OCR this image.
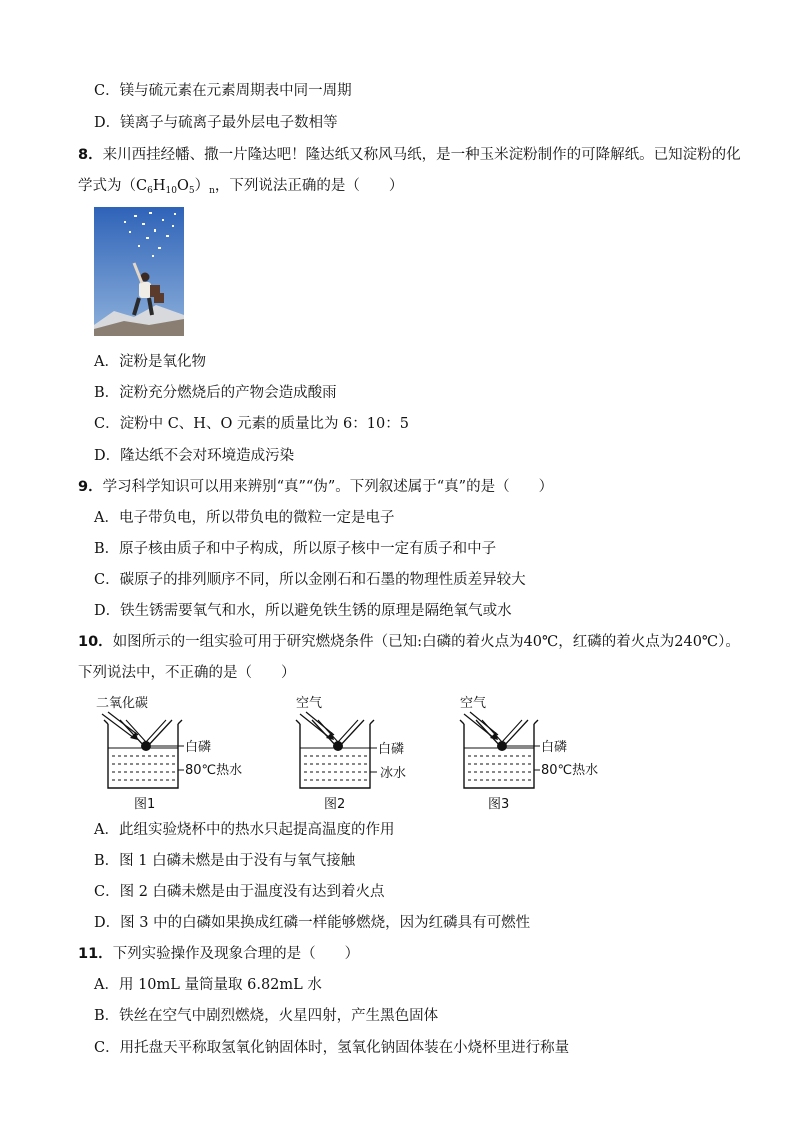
C．镁与硫元素在元素周期表中同一周期
D．镁离子与硫离子最外层电子数相等
8．来川西挂经幡、撒一片隆达吧！隆达纸又称风马纸，是一种玉米淀粉制作的可降解纸。已知淀粉的化
学式为$(C_6H_{10}O_5)_n$，下列说法正确的是（　　）
A．淀粉是氧化物
B．淀粉充分燃烧后的产物会造成酸雨
C．淀粉中 C、H、O 元素的质量比为 6：10：5
D．隆达纸不会对环境造成污染
9．学习科学知识可以用来辨别“真”“伪”。下列叙述属于“真”的是（　　）
A．电子带负电，所以带负电的微粒一定是电子
B．原子核由质子和中子构成，所以原子核中一定有质子和中子
C．碳原子的排列顺序不同，所以金刚石和石墨的物理性质差异较大
D．铁生锈需要氧气和水，所以避免铁生锈的原理是隔绝氧气或水
10．如图所示的一组实验可用于研究燃烧条件（已知:白磷的着火点为40℃，红磷的着火点为240℃）。
下列说法中，不正确的是（　　）
二氧化碳
白磷
80℃热水
图1
空气
白磷
冰水
图2
空气
白磷
80℃热水
图3
A．此组实验烧杯中的热水只起提高温度的作用
B．图 1 白磷未燃是由于没有与氧气接触
C．图 2 白磷未燃是由于温度没有达到着火点
D．图 3 中的白磷如果换成红磷一样能够燃烧，因为红磷具有可燃性
11．下列实验操作及现象合理的是（　　）
A．用 10mL 量筒量取 6.82mL 水
B．铁丝在空气中剧烈燃烧，火星四射，产生黑色固体
C．用托盘天平称取氢氧化钠固体时，氢氧化钠固体装在小烧杯里进行称量
